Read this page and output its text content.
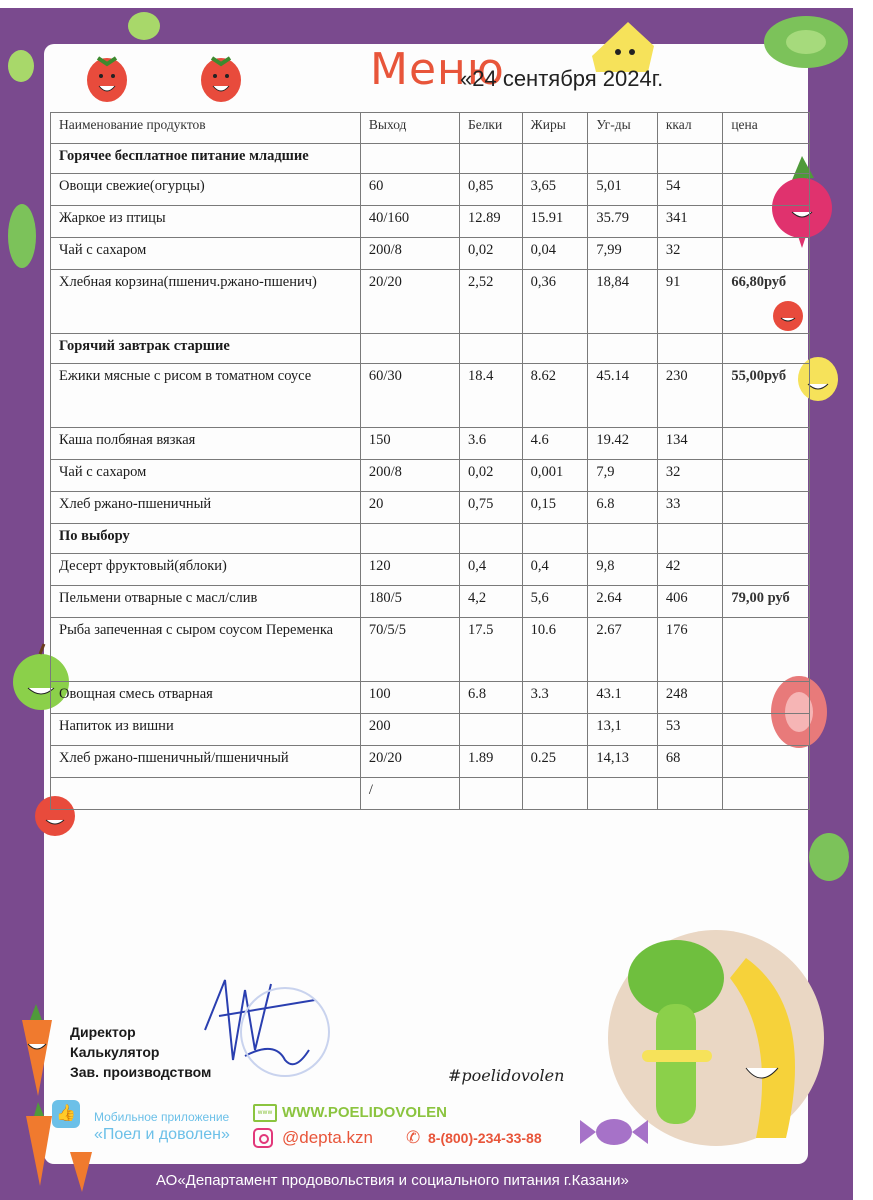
Меню
«24 сентября 2024г.
Наименование продуктов	Выход	Белки	Жиры	Уг-ды	ккал	цена
Горячее бесплатное питание младшие						
Овощи свежие(огурцы)	60	0,85	3,65	5,01	54	
Жаркое из птицы	40/160	12.89	15.91	35.79	341	
Чай с сахаром	200/8	0,02	0,04	7,99	32	
Хлебная корзина(пшенич.ржано-пшенич)	20/20	2,52	0,36	18,84	91	66,80руб
Горячий завтрак старшие						
Ежики мясные с рисом в томатном соусе	60/30	18.4	8.62	45.14	230	55,00руб
Каша полбяная вязкая	150	3.6	4.6	19.42	134	
Чай с сахаром	200/8	0,02	0,001	7,9	32	
Хлеб ржано-пшеничный	20	0,75	0,15	6.8	33	
По выбору						
Десерт фруктовый(яблоки)	120	0,4	0,4	9,8	42	
Пельмени отварные с масл/слив	180/5	4,2	5,6	2.64	406	79,00 руб
Рыба запеченная с сыром соусом Переменка	70/5/5	17.5	10.6	2.67	176	
Овощная смесь отварная	100	6.8	3.3	43.1	248	
Напиток из вишни	200			13,1	53	
Хлеб ржано-пшеничный/пшеничный	20/20	1.89	0.25	14,13	68	
	/					
Директор
Калькулятор
Зав. производством	#poelidovolen
👍	Мобильное приложение
«Поел и доволен»
www WWW.POELIDOVOLEN
@depta.kzn ✆ 8-(800)-234-33-88
АО«Департамент продовольствия и социального питания г.Казани»
